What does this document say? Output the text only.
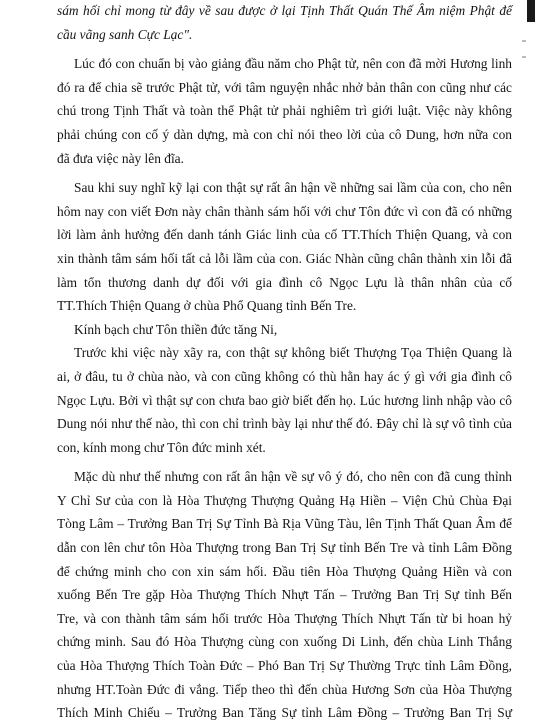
sám hối chỉ mong từ đây về sau được ở lại Tịnh Thất Quán Thế Âm niệm Phật để
cầu vãng sanh Cực Lạc".
Lúc đó con chuẩn bị vào giảng đầu năm cho Phật tử, nên con đã mời Hương linh
đó ra để chia sẽ trước Phật tử, với tâm nguyện nhắc nhở bản thân con cũng như các
chú trong Tịnh Thất và toàn thể Phật tử phải nghiêm trì giới luật. Việc này không
phải chúng con cố ý dàn dựng, mà con chỉ nói theo lời của cô Dung, hơn nữa con
đã đưa việc này lên đĩa.
Sau khi suy nghĩ kỹ lại con thật sự rất ân hận về những sai lầm của con, cho nên
hôm nay con viết Đơn này chân thành sám hối với chư Tôn đức vì con đã có những
lời làm ảnh hưởng đến danh tánh Giác linh của cố TT.Thích Thiện Quang, và con
xin thành tâm sám hối tất cả lỗi lầm của con. Giác Nhàn cũng chân thành xin lỗi đã
làm tổn thương danh dự đối với gia đình cô Ngọc Lựu là thân nhân của cố
TT.Thích Thiện Quang ở chùa Phổ Quang tỉnh Bến Tre.
Kính bạch chư Tôn thiền đức tăng Ni,
Trước khi việc này xãy ra, con thật sự không biết Thượng Tọa Thiện Quang là
ai, ở đâu, tu ở chùa nào, và con cũng không có thù hằn hay ác ý gì với gia đình cô
Ngọc Lựu. Bởi vì thật sự con chưa bao giờ biết đến họ. Lúc hương linh nhập vào cô
Dung nói như thế nào, thì con chỉ trình bày lại như thế đó. Đây chỉ là sự vô tình của
con, kính mong chư Tôn đức minh xét.
Mặc dù như thế nhưng con rất ân hận về sự vô ý đó, cho nên con đã cung thỉnh
Y Chỉ Sư của con là Hòa Thượng Thượng Quảng Hạ Hiền – Viện Chủ Chùa Đại
Tòng Lâm – Trưởng Ban Trị Sự Tỉnh Bà Rịa Vũng Tàu, lên Tịnh Thất Quan Âm để
dẫn con lên chư tôn Hòa Thượng trong Ban Trị Sự tỉnh Bến Tre và tỉnh Lâm Đồng
để chứng minh cho con xin sám hối. Đầu tiên Hòa Thượng Quảng Hiền và con
xuống Bến Tre gặp Hòa Thượng Thích Nhựt Tấn – Trưởng Ban Trị Sự tỉnh Bến
Tre, và con thành tâm sám hối trước Hòa Thượng Thích Nhựt Tấn từ bi hoan hỷ
chứng minh. Sau đó Hòa Thượng cùng con xuống Di Linh, đến chùa Linh Thắng
của Hòa Thượng Thích Toàn Đức – Phó Ban Trị Sự Thường Trực tỉnh Lâm Đồng,
nhưng HT.Toàn Đức đi vắng. Tiếp theo thì đến chùa Hương Sơn của Hòa Thượng
Thích Minh Chiếu – Trưởng Ban Tăng Sự tỉnh Lâm Đồng – Trưởng Ban Trị Sự
